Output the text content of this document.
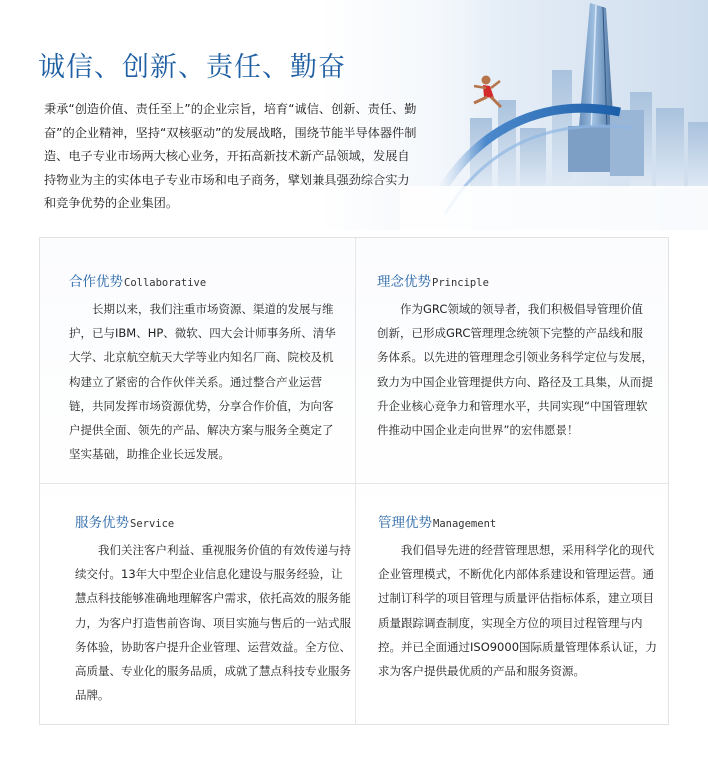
诚信、创新、责任、勤奋

秉承“创造价值、责任至上”的企业宗旨，培育“诚信、创新、责任、勤奋”的企业精神，坚持“双核驱动”的发展战略，围绕节能半导体器件制造、电子专业市场两大核心业务，开拓高新技术新产品领域，发展自持物业为主的实体电子专业市场和电子商务，擘划兼具强劲综合实力和竞争优势的企业集团。

合作优势Collaborative

长期以来，我们注重市场资源、渠道的发展与维护，已与IBM、HP、微软、四大会计师事务所、清华大学、北京航空航天大学等业内知名厂商、院校及机构建立了紧密的合作伙伴关系。通过整合产业运营链，共同发挥市场资源优势，分享合作价值，为向客户提供全面、领先的产品、解决方案与服务全奠定了坚实基础，助推企业长远发展。

理念优势Principle

作为GRC领域的领导者，我们积极倡导管理价值创新，已形成GRC管理理念统领下完整的产品线和服务体系。以先进的管理理念引领业务科学定位与发展，致力为中国企业管理提供方向、路径及工具集，从而提升企业核心竞争力和管理水平，共同实现“中国管理软件推动中国企业走向世界”的宏伟愿景！

服务优势Service

我们关注客户利益、重视服务价值的有效传递与持续交付。13年大中型企业信息化建设与服务经验，让慧点科技能够准确地理解客户需求，依托高效的服务能力，为客户打造售前咨询、项目实施与售后的一站式服务体验，协助客户提升企业管理、运营效益。全方位、高质量、专业化的服务品质，成就了慧点科技专业服务品牌。

管理优势Management

我们倡导先进的经营管理思想，采用科学化的现代企业管理模式，不断优化内部体系建设和管理运营。通过制订科学的项目管理与质量评估指标体系，建立项目质量跟踪调查制度，实现全方位的项目过程管理与内控。并已全面通过ISO9000国际质量管理体系认证，力求为客户提供最优质的产品和服务资源。
